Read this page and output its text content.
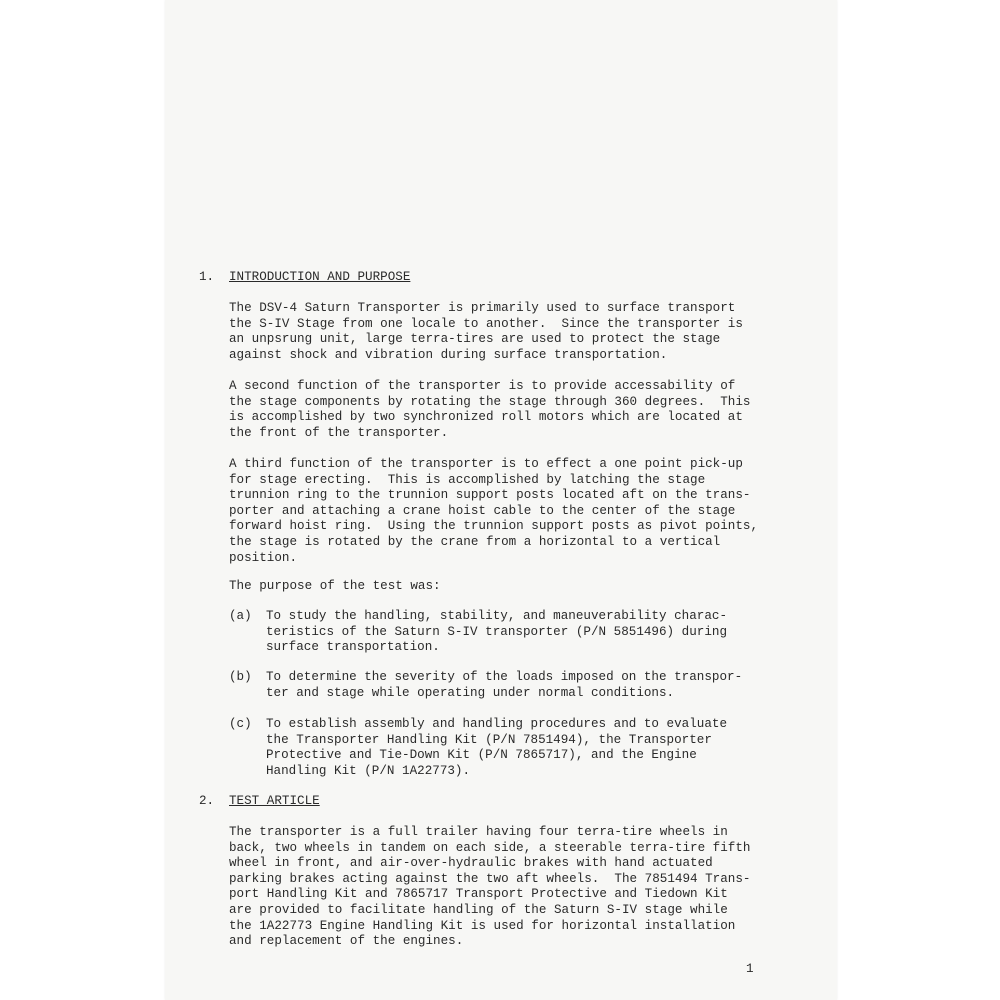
1. INTRODUCTION AND PURPOSE

The DSV-4 Saturn Transporter is primarily used to surface transport
the S-IV Stage from one locale to another.  Since the transporter is
an unpsrung unit, large terra-tires are used to protect the stage
against shock and vibration during surface transportation.

A second function of the transporter is to provide accessability of
the stage components by rotating the stage through 360 degrees.  This
is accomplished by two synchronized roll motors which are located at
the front of the transporter.

A third function of the transporter is to effect a one point pick-up
for stage erecting.  This is accomplished by latching the stage
trunnion ring to the trunnion support posts located aft on the trans-
porter and attaching a crane hoist cable to the center of the stage
forward hoist ring.  Using the trunnion support posts as pivot points,
the stage is rotated by the crane from a horizontal to a vertical
position.

The purpose of the test was:

(a) To study the handling, stability, and maneuverability charac-
teristics of the Saturn S-IV transporter (P/N 5851496) during
surface transportation.

(b) To determine the severity of the loads imposed on the transpor-
ter and stage while operating under normal conditions.

(c) To establish assembly and handling procedures and to evaluate
the Transporter Handling Kit (P/N 7851494), the Transporter
Protective and Tie-Down Kit (P/N 7865717), and the Engine
Handling Kit (P/N 1A22773).

2. TEST ARTICLE

The transporter is a full trailer having four terra-tire wheels in
back, two wheels in tandem on each side, a steerable terra-tire fifth
wheel in front, and air-over-hydraulic brakes with hand actuated
parking brakes acting against the two aft wheels.  The 7851494 Trans-
port Handling Kit and 7865717 Transport Protective and Tiedown Kit
are provided to facilitate handling of the Saturn S-IV stage while
the 1A22773 Engine Handling Kit is used for horizontal installation
and replacement of the engines.

1
